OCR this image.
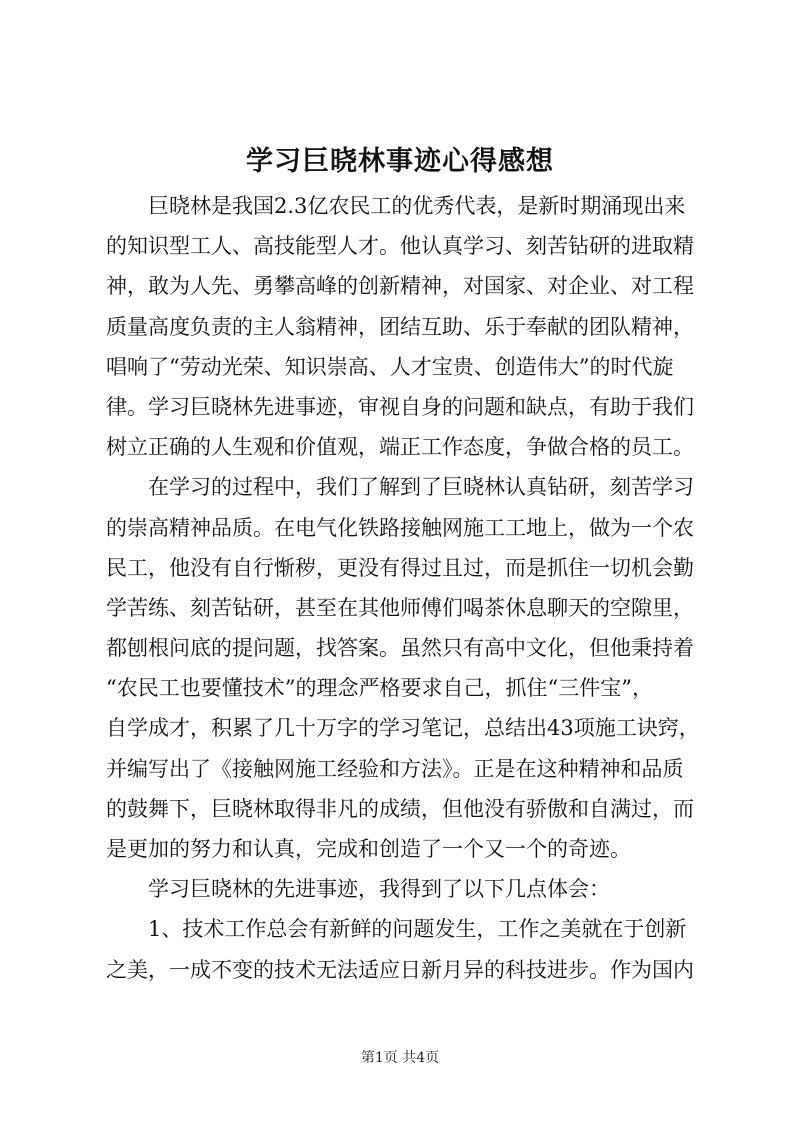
学习巨晓林事迹心得感想
巨晓林是我国2.3亿农民工的优秀代表，是新时期涌现出来
的知识型工人、高技能型人才。他认真学习、刻苦钻研的进取精
神，敢为人先、勇攀高峰的创新精神，对国家、对企业、对工程
质量高度负责的主人翁精神，团结互助、乐于奉献的团队精神，
唱响了“劳动光荣、知识崇高、人才宝贵、创造伟大”的时代旋
律。学习巨晓林先进事迹，审视自身的问题和缺点，有助于我们
树立正确的人生观和价值观，端正工作态度，争做合格的员工。
在学习的过程中，我们了解到了巨晓林认真钻研，刻苦学习
的崇高精神品质。在电气化铁路接触网施工工地上，做为一个农
民工，他没有自行惭秽，更没有得过且过，而是抓住一切机会勤
学苦练、刻苦钻研，甚至在其他师傅们喝茶休息聊天的空隙里，
都刨根问底的提问题，找答案。虽然只有高中文化，但他秉持着
“农民工也要懂技术”的理念严格要求自己，抓住“三件宝”，
自学成才，积累了几十万字的学习笔记，总结出43项施工诀窍，
并编写出了《接触网施工经验和方法》。正是在这种精神和品质
的鼓舞下，巨晓林取得非凡的成绩，但他没有骄傲和自满过，而
是更加的努力和认真，完成和创造了一个又一个的奇迹。
学习巨晓林的先进事迹，我得到了以下几点体会：
1、技术工作总会有新鲜的问题发生，工作之美就在于创新
之美，一成不变的技术无法适应日新月异的科技进步。作为国内
第1页 共4页
